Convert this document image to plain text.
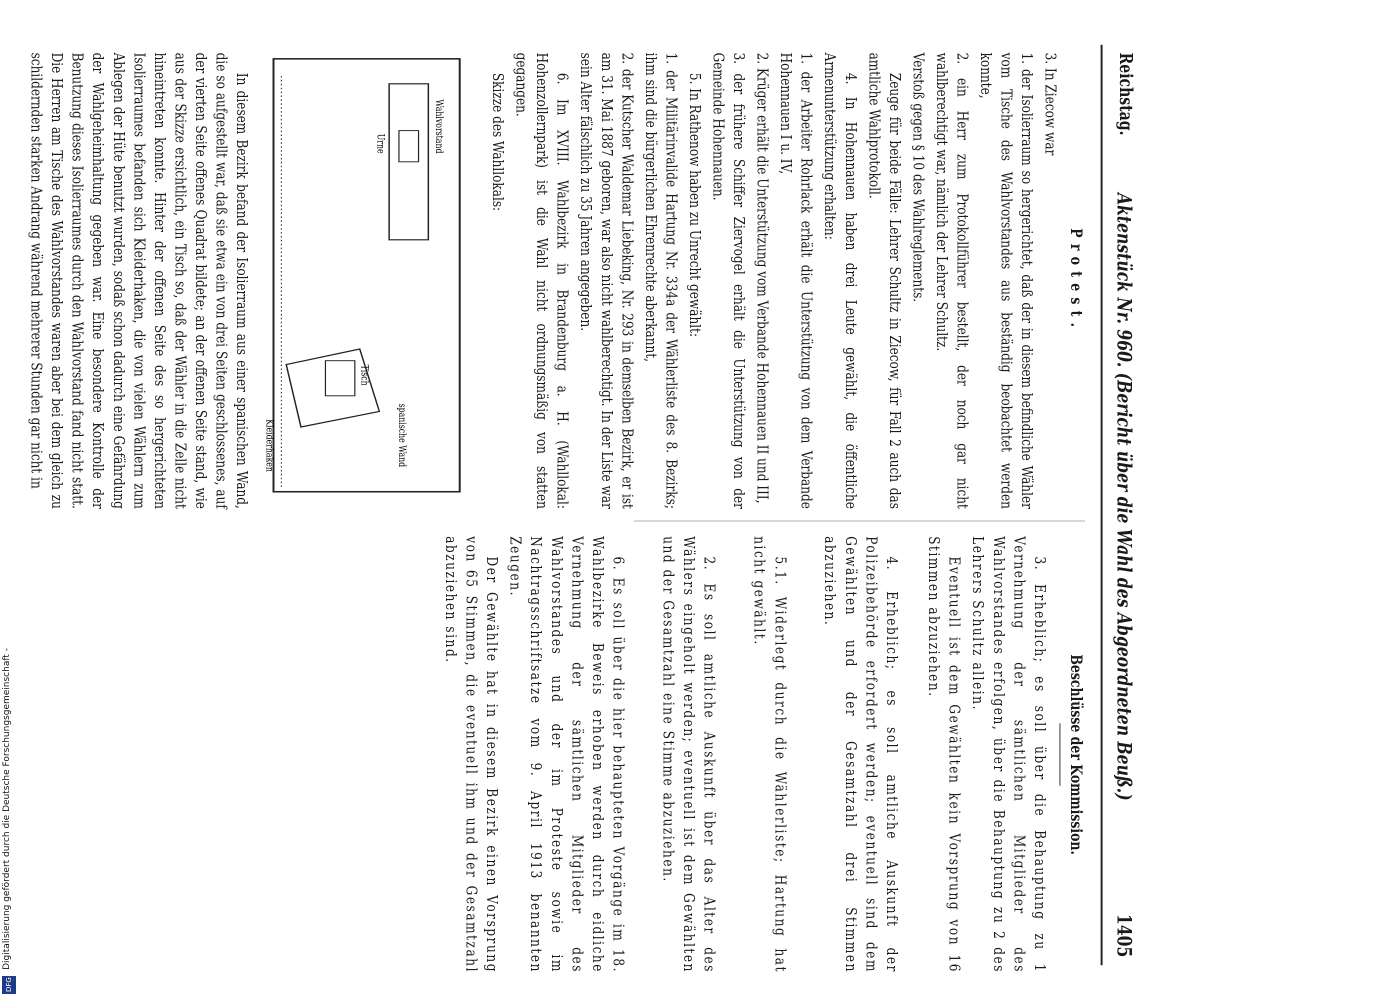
Digitalisierung gefördert durch die Deutsche Forschungsgemeinschaft -
DFG
Reichstag.
Aktenstück Nr. 960. (Bericht über die Wahl des Abgeordneten Beuß.)
1405
Protest.

3. In Ziecow war

1. der Isolierraum so hergerichtet, daß der in diesem befindliche Wähler vom Tische des Wahlvorstandes aus beständig beobachtet werden konnte,

2. ein Herr zum Protokollführer bestellt, der noch gar nicht wahlberechtigt war, nämlich der Lehrer Schultz.

Verstoß gegen § 10 des Wahlreglements.

Zeuge für beide Fälle: Lehrer Schultz in Ziecow, für Fall 2 auch das amtliche Wahlprotokoll.

4. In Hohennauen haben drei Leute gewählt, die öffentliche Armenunterstützung erhalten:

1. der Arbeiter Rohrlack erhält die Unterstützung von dem Verbande Hohennauen I u. IV,

2. Krüger erhält die Unterstützung vom Verbande Hohennauen II und III,

3. der frühere Schiffer Ziervogel erhält die Unterstützung von der Gemeinde Hohennauen.

5. In Rathenow haben zu Unrecht gewählt:

1. der Militärinvalide Hartung Nr. 334a der Wählerliste des 8. Bezirks; ihm sind die bürgerlichen Ehrenrechte aberkannt,

2. der Kutscher Waldemar Liebeking, Nr. 293 in demselben Bezirk, er ist am 31. Mai 1887 geboren, war also nicht wahlberechtigt. In der Liste war sein Alter fälschlich zu 35 Jahren angegeben.

6. Im XVIII. Wahlbezirk in Brandenburg a. H. (Wahllokal: Hohenzollernpark) ist die Wahl nicht ordnungsmäßig von statten gegangen.

Skizze des Wahllokals:

Wahlvorstand
Urne
spanische Wand
Tisch
Kleiderhaken

In diesem Bezirk befand der Isolierraum aus einer spanischen Wand, die so aufgestellt war, daß sie etwa ein von drei Seiten geschlossenes, auf der vierten Seite offenes Quadrat bildete; an der offenen Seite stand, wie aus der Skizze ersichtlich, ein Tisch so, daß der Wähler in die Zelle nicht hineintreten konnte. Hinter der offenen Seite des so hergerichteten Isolierraumes befanden sich Kleiderhaken, die von vielen Wählern zum Ablegen der Hüte benutzt wurden, sodaß schon dadurch eine Gefährdung der Wahlgeheimhaltung gegeben war. Eine besondere Kontrolle der Benutzung dieses Isolierraumes durch den Wahlvorstand fand nicht statt. Die Herren am Tische des Wahlvorstandes waren aber bei dem gleich zu schildernden starken Andrang während mehrerer Stunden gar nicht in

Beschlüsse der Kommission.

3. Erheblich; es soll über die Behauptung zu 1 Vernehmung der sämtlichen Mitglieder des Wahlvorstandes erfolgen, über die Behauptung zu 2 des Lehrers Schultz allein.

Eventuell ist dem Gewählten kein Vorsprung von 16 Stimmen abzuziehen.

4. Erheblich; es soll amtliche Auskunft der Polizeibehörde erfordert werden; eventuell sind dem Gewählten und der Gesamtzahl drei Stimmen abzuziehen.

5.1. Widerlegt durch die Wählerliste; Hartung hat nicht gewählt.

2. Es soll amtliche Auskunft über das Alter des Wählers eingeholt werden; eventuell ist dem Gewählten und der Gesamtzahl eine Stimme abzuziehen.

6. Es soll über die hier behaupteten Vorgänge im 18. Wahlbezirke Beweis erhoben werden durch eidliche Vernehmung der sämtlichen Mitglieder des Wahlvorstandes und der im Proteste sowie im Nachtragsschriftsatze vom 9. April 1913 benannten Zeugen.

Der Gewählte hat in diesem Bezirk einen Vorsprung von 65 Stimmen, die eventuell ihm und der Gesamtzahl abzuziehen sind.
